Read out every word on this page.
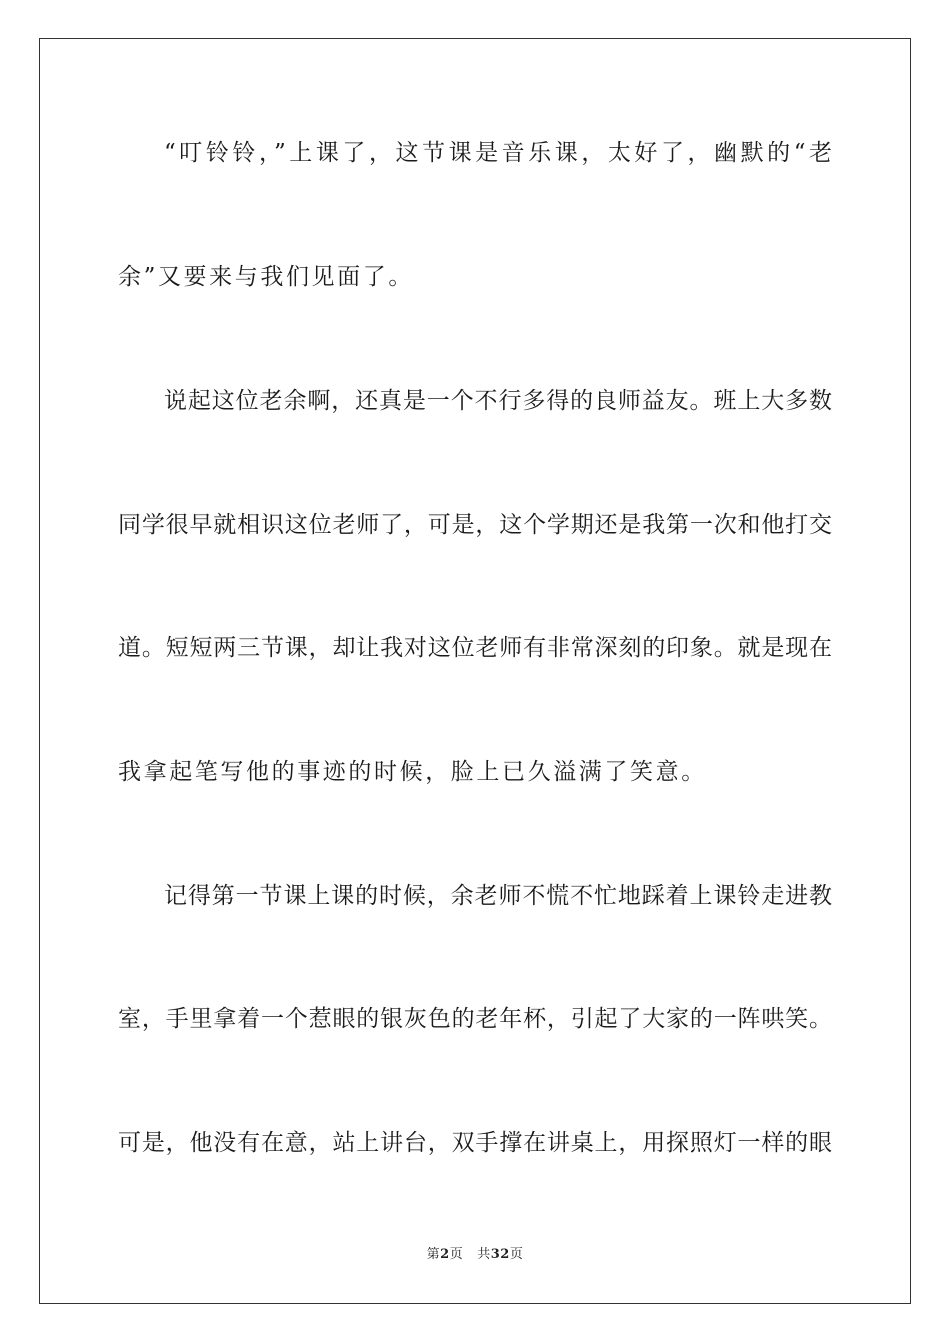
“叮铃铃，”上课了，这节课是音乐课，太好了，幽默的“老
余”又要来与我们见面了。
说起这位老余啊，还真是一个不行多得的良师益友。班上大多数
同学很早就相识这位老师了，可是，这个学期还是我第一次和他打交
道。短短两三节课，却让我对这位老师有非常深刻的印象。就是现在
我拿起笔写他的事迹的时候，脸上已久溢满了笑意。
记得第一节课上课的时候，余老师不慌不忙地踩着上课铃走进教
室，手里拿着一个惹眼的银灰色的老年杯，引起了大家的一阵哄笑。
可是，他没有在意，站上讲台，双手撑在讲桌上，用探照灯一样的眼
第2页 共32页
